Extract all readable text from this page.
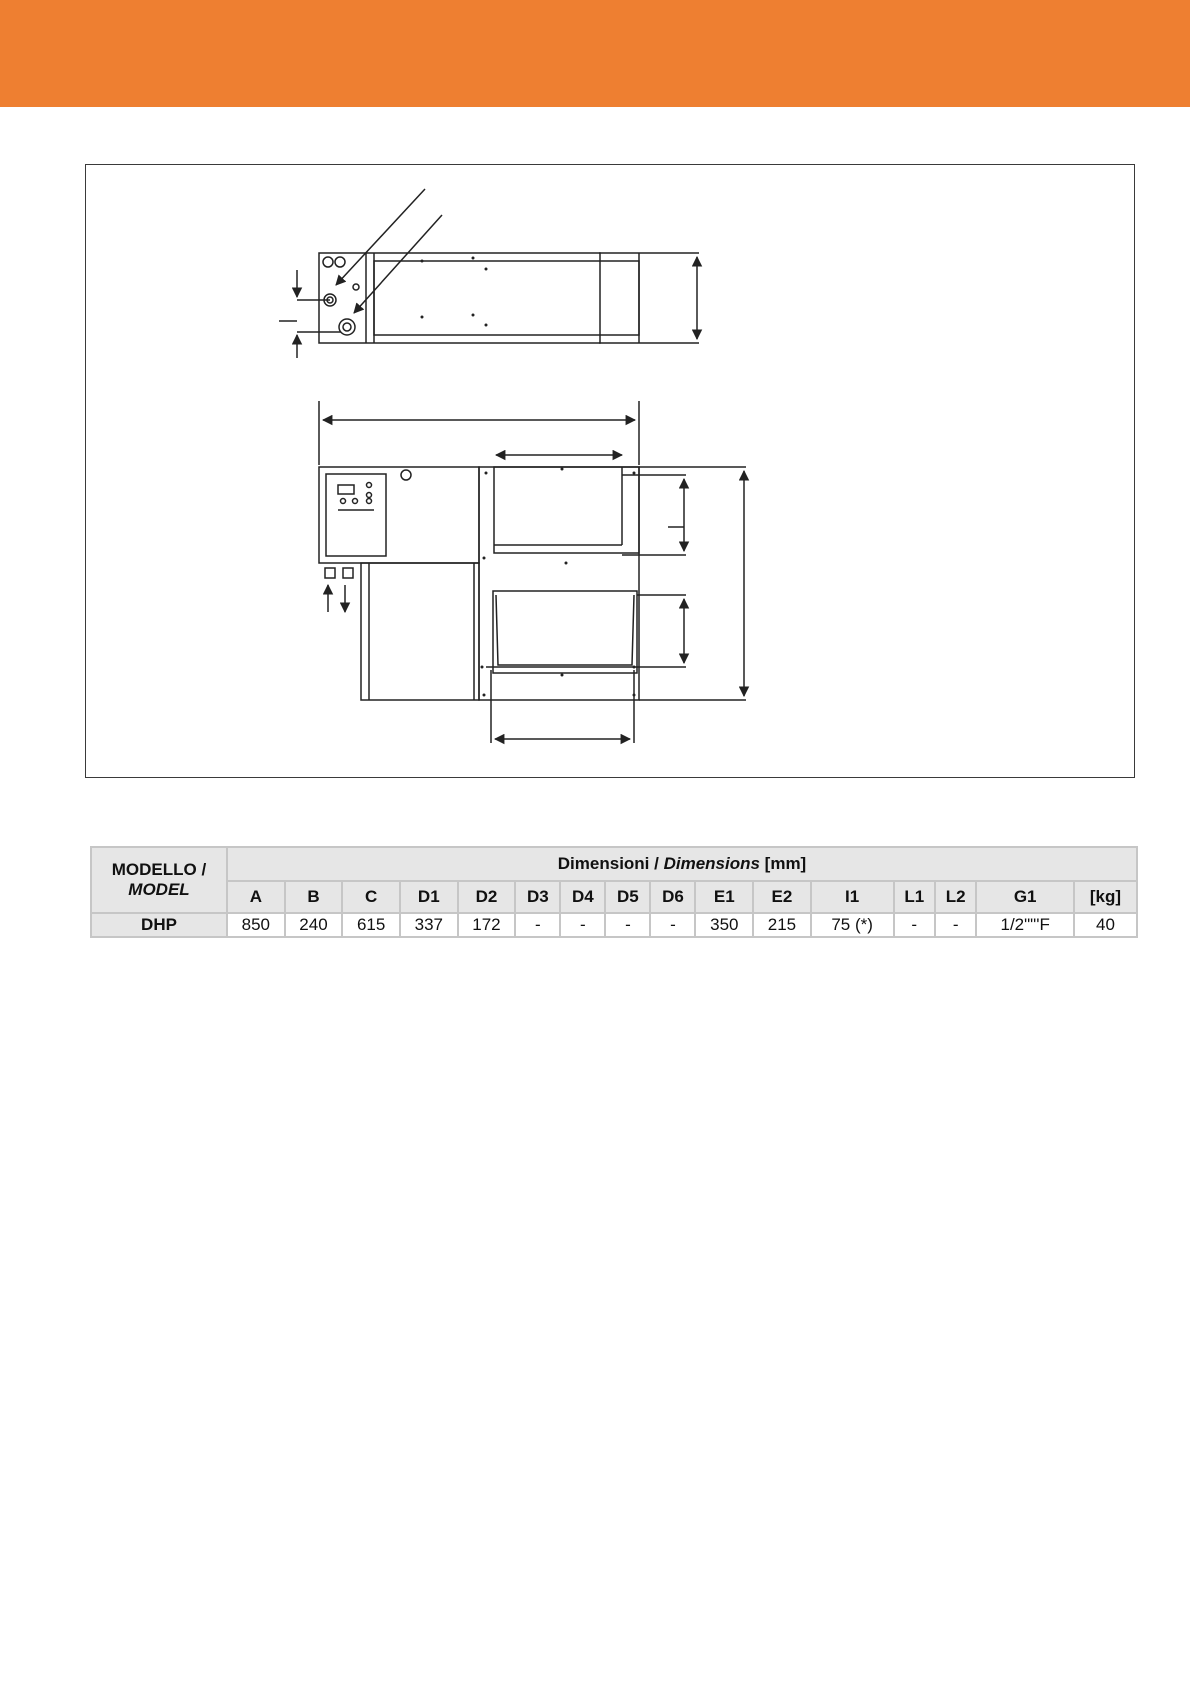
MODELLO /
MODEL	Dimensioni / Dimensions [mm]															
	A	B	C	D1	D2	D3	D4	D5	D6	E1	E2	I1	L1	L2	G1	[kg]
DHP	850	240	615	337	172	-	-	-	-	350	215	75 (*)	-	-	1/2""'F	40
